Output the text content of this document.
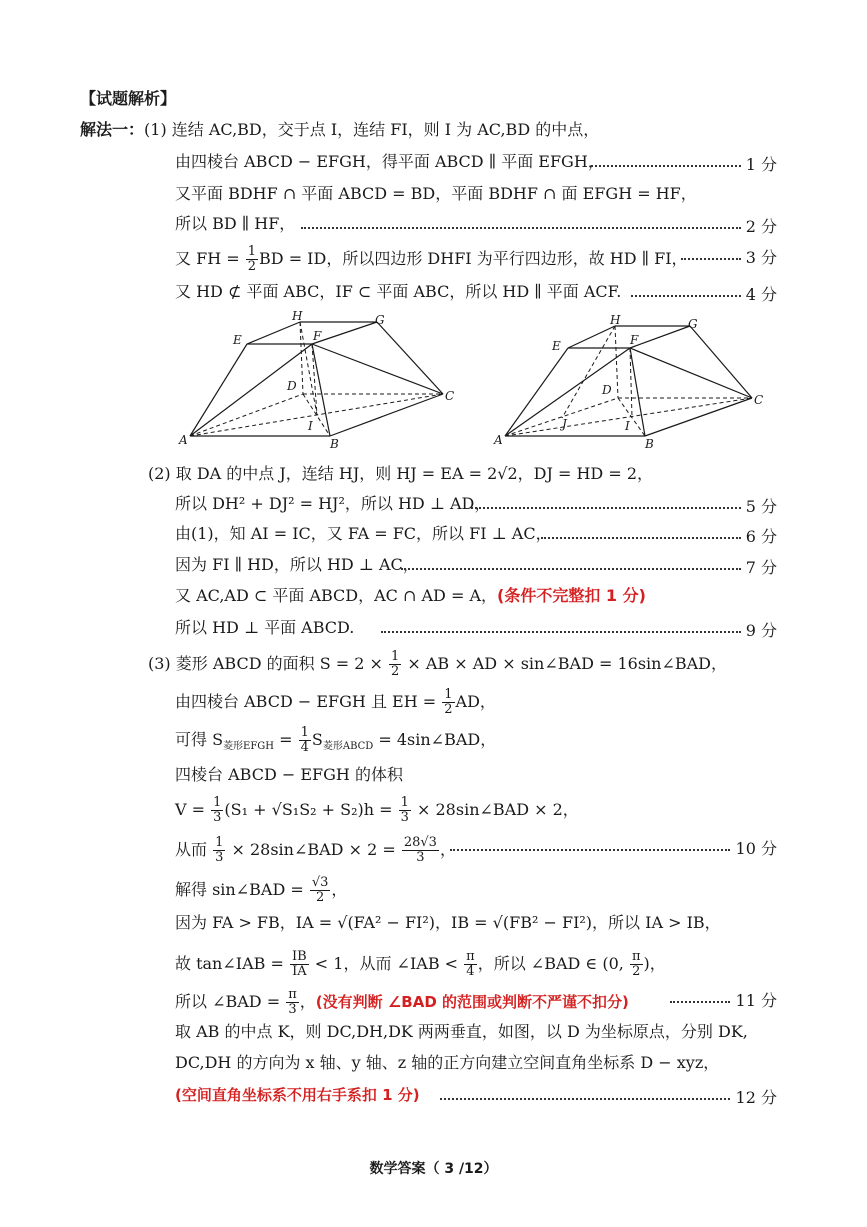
【试题解析】
解法一：(1) 连结 AC,BD，交于点 I，连结 FI，则 I 为 AC,BD 的中点，
由四棱台 ABCD − EFGH，得平面 ABCD ∥ 平面 EFGH，	1 分
又平面 BDHF ∩ 平面 ABCD = BD，平面 BDHF ∩ 面 EFGH = HF，
所以 BD ∥ HF，	2 分
又 FH = $\frac{1}{2}$ BD = ID，所以四边形 DHFI 为平行四边形，故 HD ∥ FI，	3 分
又 HD ⊄ 平面 ABC，IF ⊂ 平面 ABC，所以 HD ∥ 平面 ACF.	4 分
A	B
C
D
E	F
G
H
I
A	B
C
D
E	F
G
H
I
J
(2) 取 DA 的中点 J，连结 HJ，则 HJ = EA = 2√2，DJ = HD = 2，
所以 DH² + DJ² = HJ²，所以 HD ⊥ AD，	5 分
由(1)，知 AI = IC，又 FA = FC，所以 FI ⊥ AC，	6 分
因为 FI ∥ HD，所以 HD ⊥ AC，	7 分
又 AC,AD ⊂ 平面 ABCD，AC ∩ AD = A，(条件不完整扣 1 分)
所以 HD ⊥ 平面 ABCD.	9 分
(3) 菱形 ABCD 的面积 $S = 2 \times \frac{1}{2}$ × AB × AD × sin∠BAD = 16sin∠BAD，
由四棱台 ABCD − EFGH 且 EH = $\frac{1}{2}$ AD，
可得 $S_{菱形EFGH} = \frac{1}{4} S_{菱形ABCD}$ = 4sin∠BAD，
四棱台 ABCD − EFGH 的体积
$V = \frac{1}{3} (S_1 + √S_1S_2 + S_2)h = \frac{1}{3}$ × 28sin∠BAD × 2，
从而 $\frac{1}{3}$ × 28sin∠BAD × $2 = \frac{28√3}{3}$ ，	10 分
解得 sin∠BAD = $\frac{√3}{2}$ ，
因为 FA > FB，IA = √(FA² − FI²)，IB = √(FB² − FI²)，所以 IA > IB，
故 tan∠IAB = $\frac{IB}{IA} < 1$，从而 ∠IAB < $\frac{\pi}{4}$ ，所以 ∠BAD ∈ (0, $\frac{\pi}{2}$ )，
所以 ∠BAD = $\frac{\pi}{3}$ ，(没有判断 ∠BAD 的范围或判断不严谨不扣分)	11 分
取 AB 的中点 K，则 DC,DH,DK 两两垂直，如图，以 D 为坐标原点，分别 DK,
DC,DH 的方向为 x 轴、y 轴、z 轴的正方向建立空间直角坐标系 D − xyz，
(空间直角坐标系不用右手系扣 1 分)	12 分
数学答案（ 3 /12）
